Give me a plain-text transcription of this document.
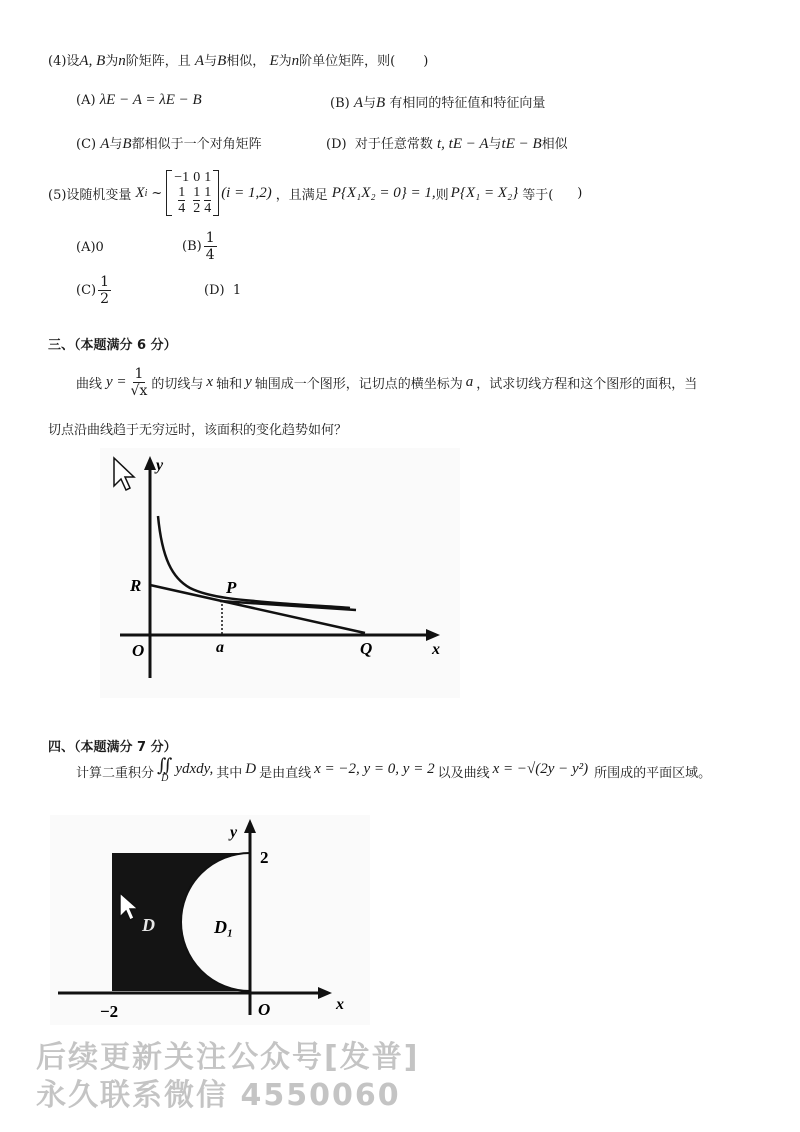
(4)设A, B为n阶矩阵，且 A与B相似， E为n阶单位矩阵，则( )
(A) λE − A = λE − B	(B) A与B 有相同的特征值和特征向量
(C) A与B都相似于一个对角矩阵	(D) 对于任意常数 t, tE − A与tE − B相似
(5)设随机变量 X i ~
−1	0	1

$\frac{1}{4}$	$\frac{1}{2}$	$\frac{1}{4} (i = 1,2)$ ，且满足 P{X₁X₂ = 0} = 1, 则 P{X₁ = X₂} 等于( )
(A)0	$(B) \frac{1}{4}$
$(C) \frac{1}{2}$	(D) 1
三、（本题满分 6 分）
曲线 $y = \frac{1}{√x}$ 的切线与 x 轴和 y 轴围成一个图形，记切点的横坐标为 a ，试求切线方程和这个图形的面积，当
切点沿曲线趋于无穷远时，该面积的变化趋势如何？
y
R	P
O	a	Q	x
四、（本题满分 7 分）
计算二重积分 ∬
D
ydxdy, 其中 D 是由直线 x = −2, y = 0, y = 2 以及曲线 x = −√(2y − y²) 所围成的平面区域。
y
2
D	D₁
−2	O	x
后续更新关注公众号[发普]
永久联系微信 4550060
